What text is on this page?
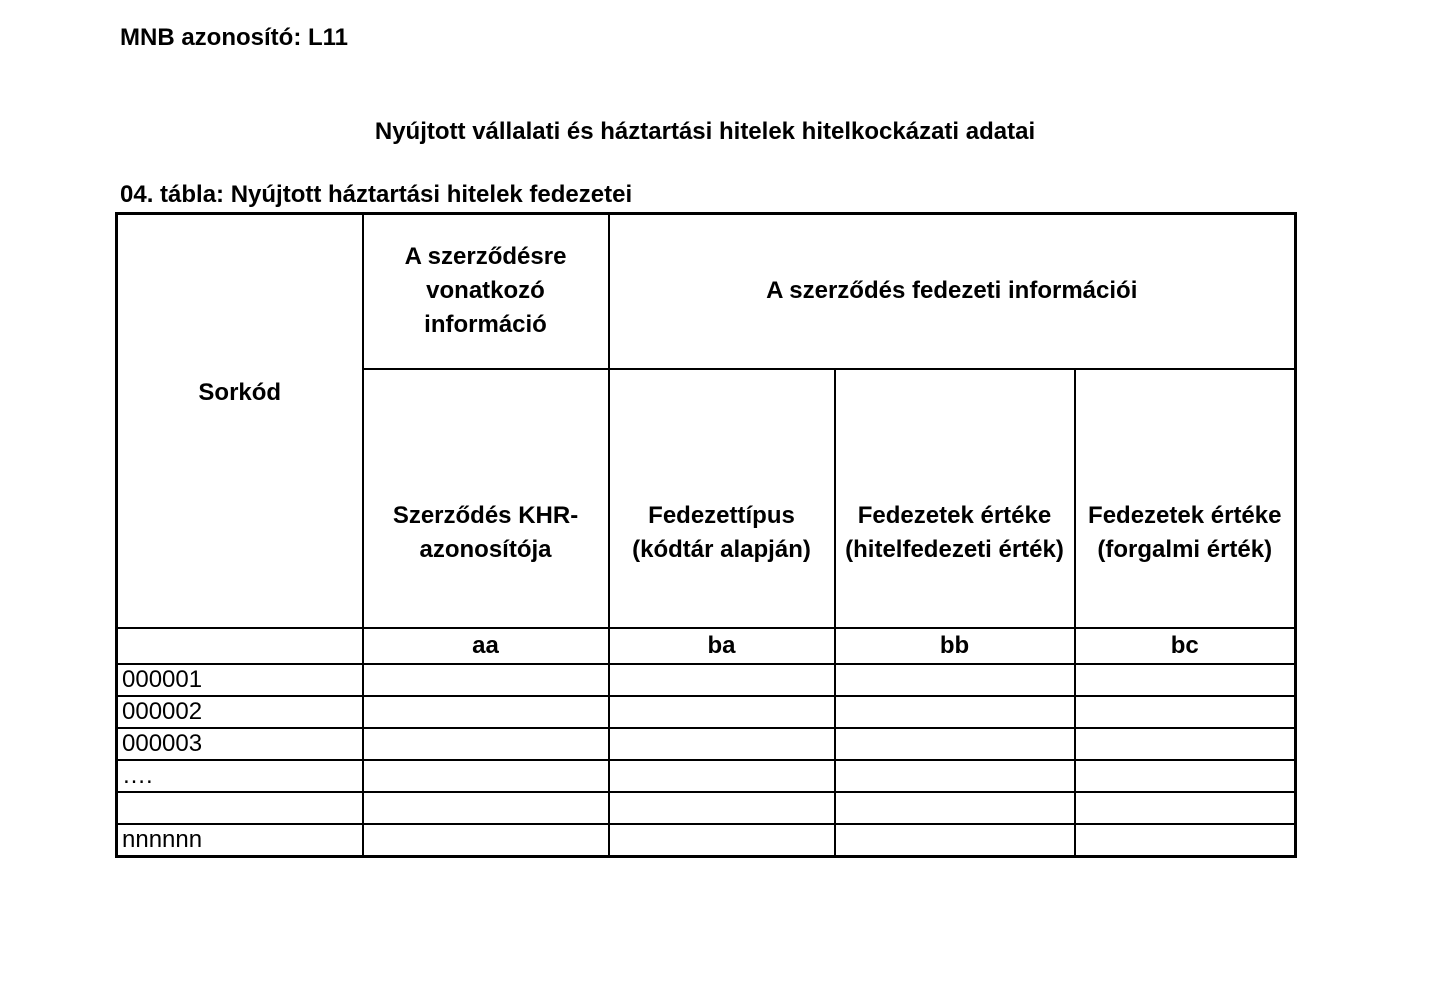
MNB azonosító: L11
Nyújtott vállalati és háztartási hitelek hitelkockázati adatai
04. tábla: Nyújtott háztartási hitelek fedezetei
Sorkód	A szerződésre vonatkozó információ	A szerződés fedezeti információi		
	Szerződés KHR-azonosítója	Fedezettípus (kódtár alapján)	Fedezetek értéke (hitelfedezeti érték)	Fedezetek értéke (forgalmi érték)
	aa	ba	bb	bc
000001				
000002				
000003				
….				

nnnnnn				
